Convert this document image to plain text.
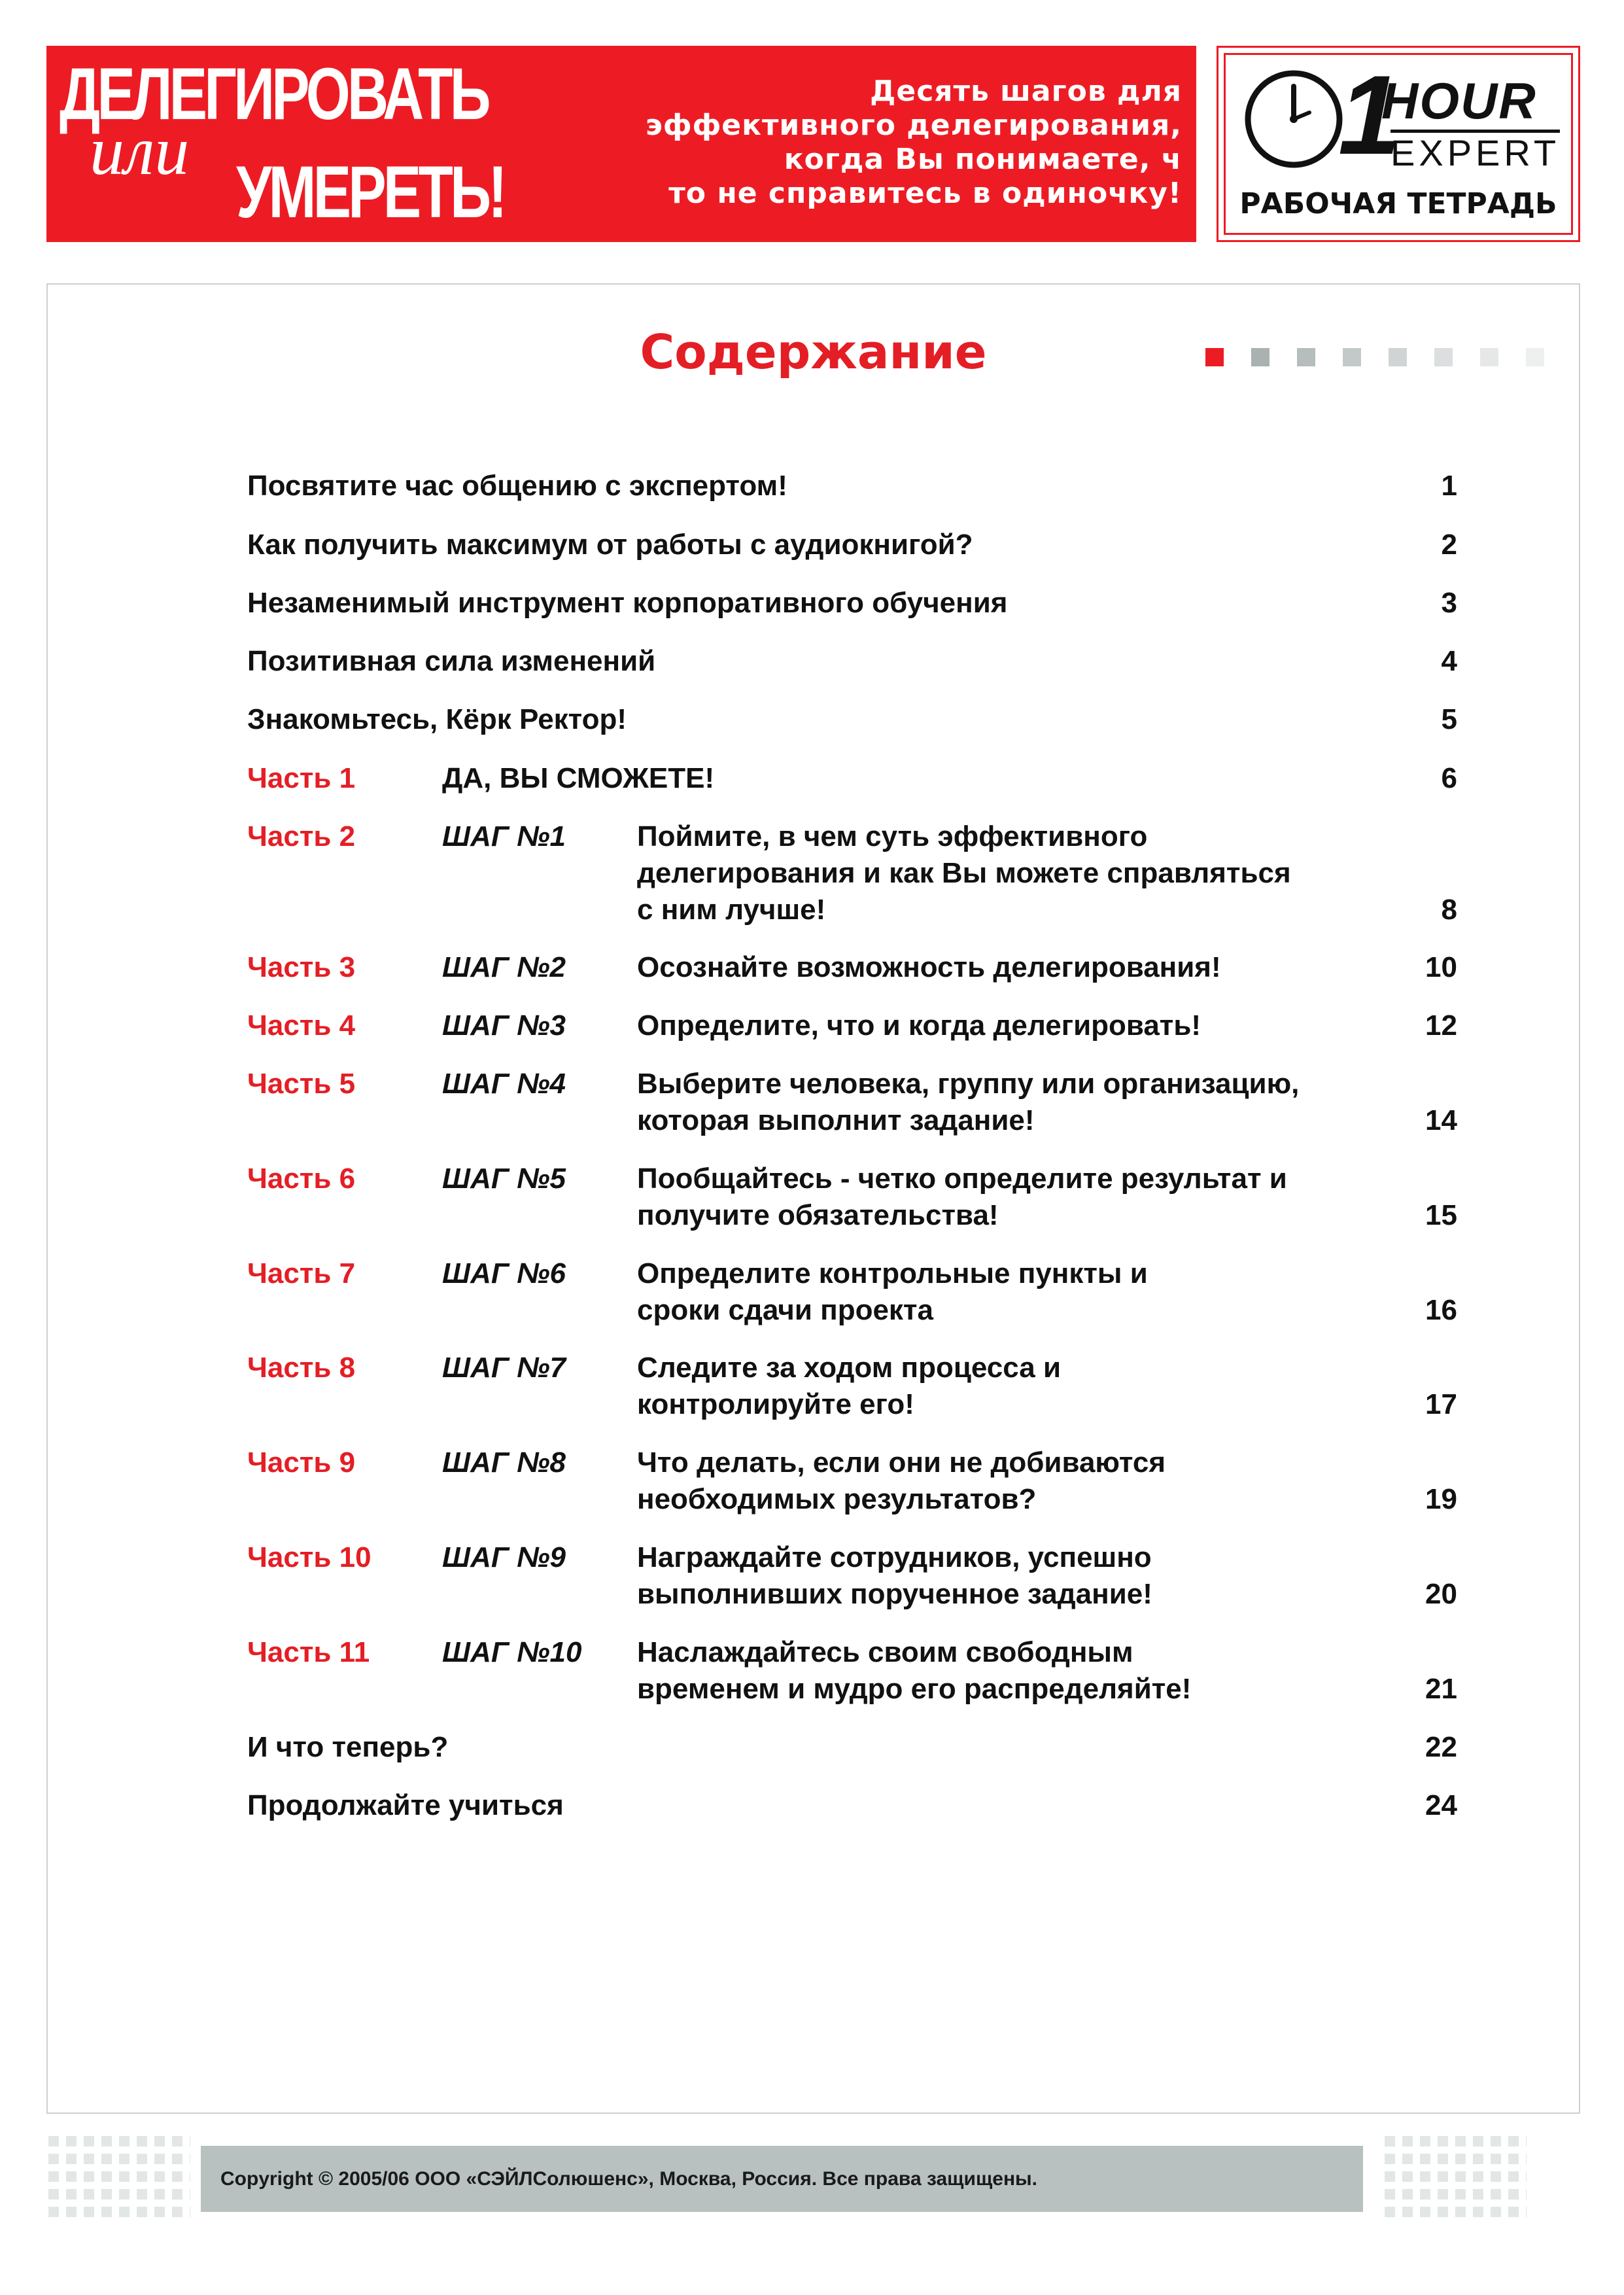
ДЕЛЕГИРОВАТЬ
или
УМЕРЕТЬ!
Десять шагов для
эффективного делегирования,
когда Вы понимаете, ч
то не справитесь в одиночку!
1
HOUR
EXPERT
РАБОЧАЯ ТЕТРАДЬ
Содержание
Посвятите час общению с экспертом!	1
Как получить максимум от работы с аудиокнигой?	2
Незаменимый инструмент корпоративного обучения	3
Позитивная сила изменений	4
Знакомьтесь, Кёрк Ректор!	5
Часть 1	ДА, ВЫ СМОЖЕТЕ!	6
Часть 2	ШАГ №1 Поймите, в чем суть эффективного
делегирования и как Вы можете справляться
с ним лучше!	8
Часть 3	ШАГ №2 Осознайте возможность делегирования!	10
Часть 4	ШАГ №3 Определите, что и когда делегировать!	12
Часть 5	ШАГ №4 Выберите человека, группу или организацию,
которая выполнит задание!	14
Часть 6	ШАГ №5 Пообщайтесь - четко определите результат и
получите обязательства!	15
Часть 7	ШАГ №6 Определите контрольные пункты и
сроки сдачи проекта	16
Часть 8	ШАГ №7 Следите за ходом процесса и
контролируйте его!	17
Часть 9	ШАГ №8 Что делать, если они не добиваются
необходимых результатов?	19
Часть 10 ШАГ №9 Награждайте сотрудников, успешно
выполнивших порученное задание!	20
Часть 11	ШАГ №10 Наслаждайтесь своим свободным
временем и мудро его распределяйте!	21
И что теперь?	22
Продолжайте учиться	24
Copyright © 2005/06 ООО «СЭЙЛСолюшенс», Москва, Россия. Все права защищены.
